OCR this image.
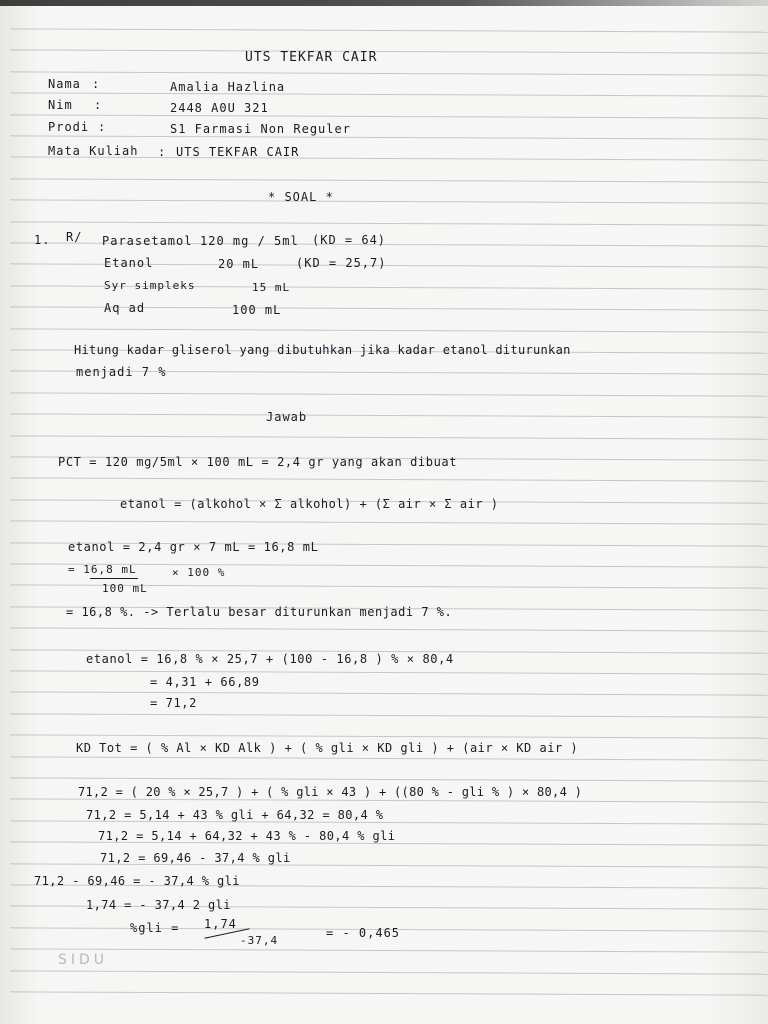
UTS TEKFAR CAIR
Nama :	Amalia Hazlina
Nim :	2448 A0U 321
Prodi :	S1 Farmasi Non Reguler
Mata Kuliah : UTS TEKFAR CAIR
* SOAL *
1. R/ Parasetamol 120 mg / 5ml (KD = 64)
Etanol	20 mL	(KD = 25,7)
Syr simpleks	15 mL
Aq ad	100 mL
Hitung kadar gliserol yang dibutuhkan jika kadar etanol diturunkan
menjadi 7 %
Jawab
PCT = 120 mg/5ml × 100 mL = 2,4 gr yang akan dibuat
etanol = (alkohol × Σ alkohol) + (Σ air × Σ air )
etanol = 2,4 gr × 7 mL = 16,8 mL
= 16,8 mL	× 100 %
100 mL
= 16,8 %. -> Terlalu besar diturunkan menjadi 7 %.
etanol = 16,8 % × 25,7 + (100 - 16,8 ) % × 80,4
= 4,31 + 66,89
= 71,2
KD Tot = ( % Al × KD Alk ) + ( % gli × KD gli ) + (air × KD air )
71,2 = ( 20 % × 25,7 ) + ( % gli × 43 ) + ((80 % - gli % ) × 80,4 )
71,2 = 5,14 + 43 % gli + 64,32 = 80,4 %
71,2 = 5,14 + 64,32 + 43 % - 80,4 % gli
71,2 = 69,46 - 37,4 % gli
71,2 - 69,46 = - 37,4 % gli
1,74 = - 37,4 2 gli
%gli = 1,74
-37,4
= - 0,465
SIDU
